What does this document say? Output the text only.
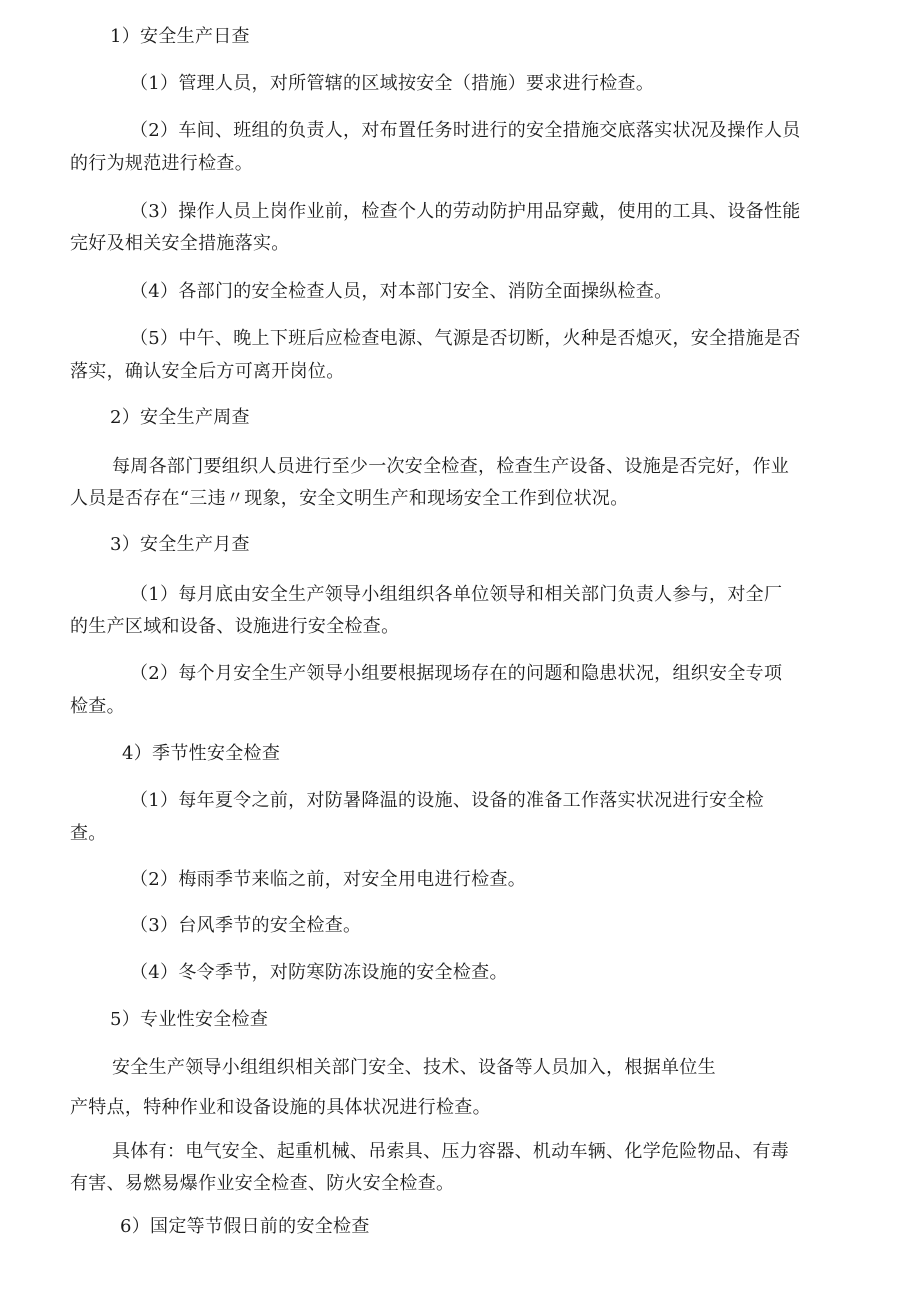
1）安全生产日查
（1）管理人员，对所管辖的区域按安全（措施）要求进行检查。
（2）车间、班组的负责人，对布置任务时进行的安全措施交底落实状况及操作人员
的行为规范进行检查。
（3）操作人员上岗作业前，检查个人的劳动防护用品穿戴，使用的工具、设备性能
完好及相关安全措施落实。
（4）各部门的安全检查人员，对本部门安全、消防全面操纵检查。
（5）中午、晚上下班后应检查电源、气源是否切断，火种是否熄灭，安全措施是否
落实，确认安全后方可离开岗位。
2）安全生产周查
每周各部门要组织人员进行至少一次安全检查，检查生产设备、设施是否完好，作业
人员是否存在“三违〃现象，安全文明生产和现场安全工作到位状况。
3）安全生产月查
（1）每月底由安全生产领导小组组织各单位领导和相关部门负责人参与，对全厂
的生产区域和设备、设施进行安全检查。
（2）每个月安全生产领导小组要根据现场存在的问题和隐患状况，组织安全专项
检查。
4）季节性安全检查
（1）每年夏令之前，对防暑降温的设施、设备的准备工作落实状况进行安全检
查。
（2）梅雨季节来临之前，对安全用电进行检查。
（3）台风季节的安全检查。
（4）冬令季节，对防寒防冻设施的安全检查。
5）专业性安全检查
安全生产领导小组组织相关部门安全、技术、设备等人员加入，根据单位生
产特点，特种作业和设备设施的具体状况进行检查。
具体有：电气安全、起重机械、吊索具、压力容器、机动车辆、化学危险物品、有毒
有害、易燃易爆作业安全检查、防火安全检查。
6）国定等节假日前的安全检查
